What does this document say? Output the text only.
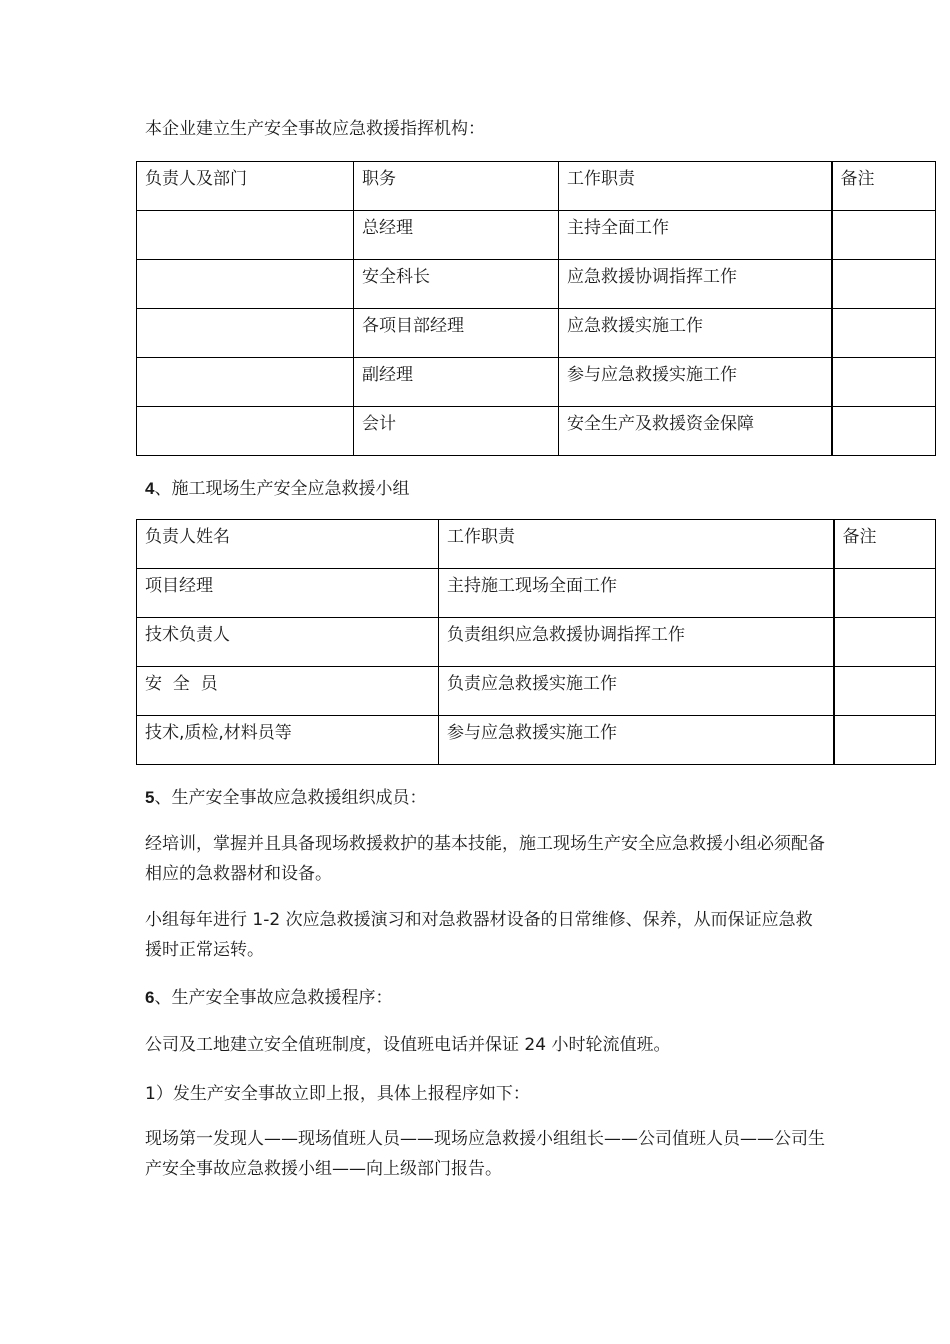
本企业建立生产安全事故应急救援指挥机构：

负责人及部门	职务	工作职责	备注
	总经理	主持全面工作	
	安全科长	应急救援协调指挥工作	
	各项目部经理	应急救援实施工作	
	副经理	参与应急救援实施工作	
	会计	安全生产及救援资金保障	

4、施工现场生产安全应急救援小组

负责人姓名	工作职责	备注
项目经理	主持施工现场全面工作	
技术负责人	负责组织应急救援协调指挥工作	
安  全  员	负责应急救援实施工作	
技术,质检,材料员等	参与应急救援实施工作	

5、生产安全事故应急救援组织成员：

经培训，掌握并且具备现场救援救护的基本技能，施工现场生产安全应急救援小组必须配备相应的急救器材和设备。

小组每年进行 1-2 次应急救援演习和对急救器材设备的日常维修、保养，从而保证应急救援时正常运转。

6、生产安全事故应急救援程序：

公司及工地建立安全值班制度，设值班电话并保证 24 小时轮流值班。

1）发生产安全事故立即上报，具体上报程序如下：

现场第一发现人——现场值班人员——现场应急救援小组组长——公司值班人员——公司生产安全事故应急救援小组——向上级部门报告。
